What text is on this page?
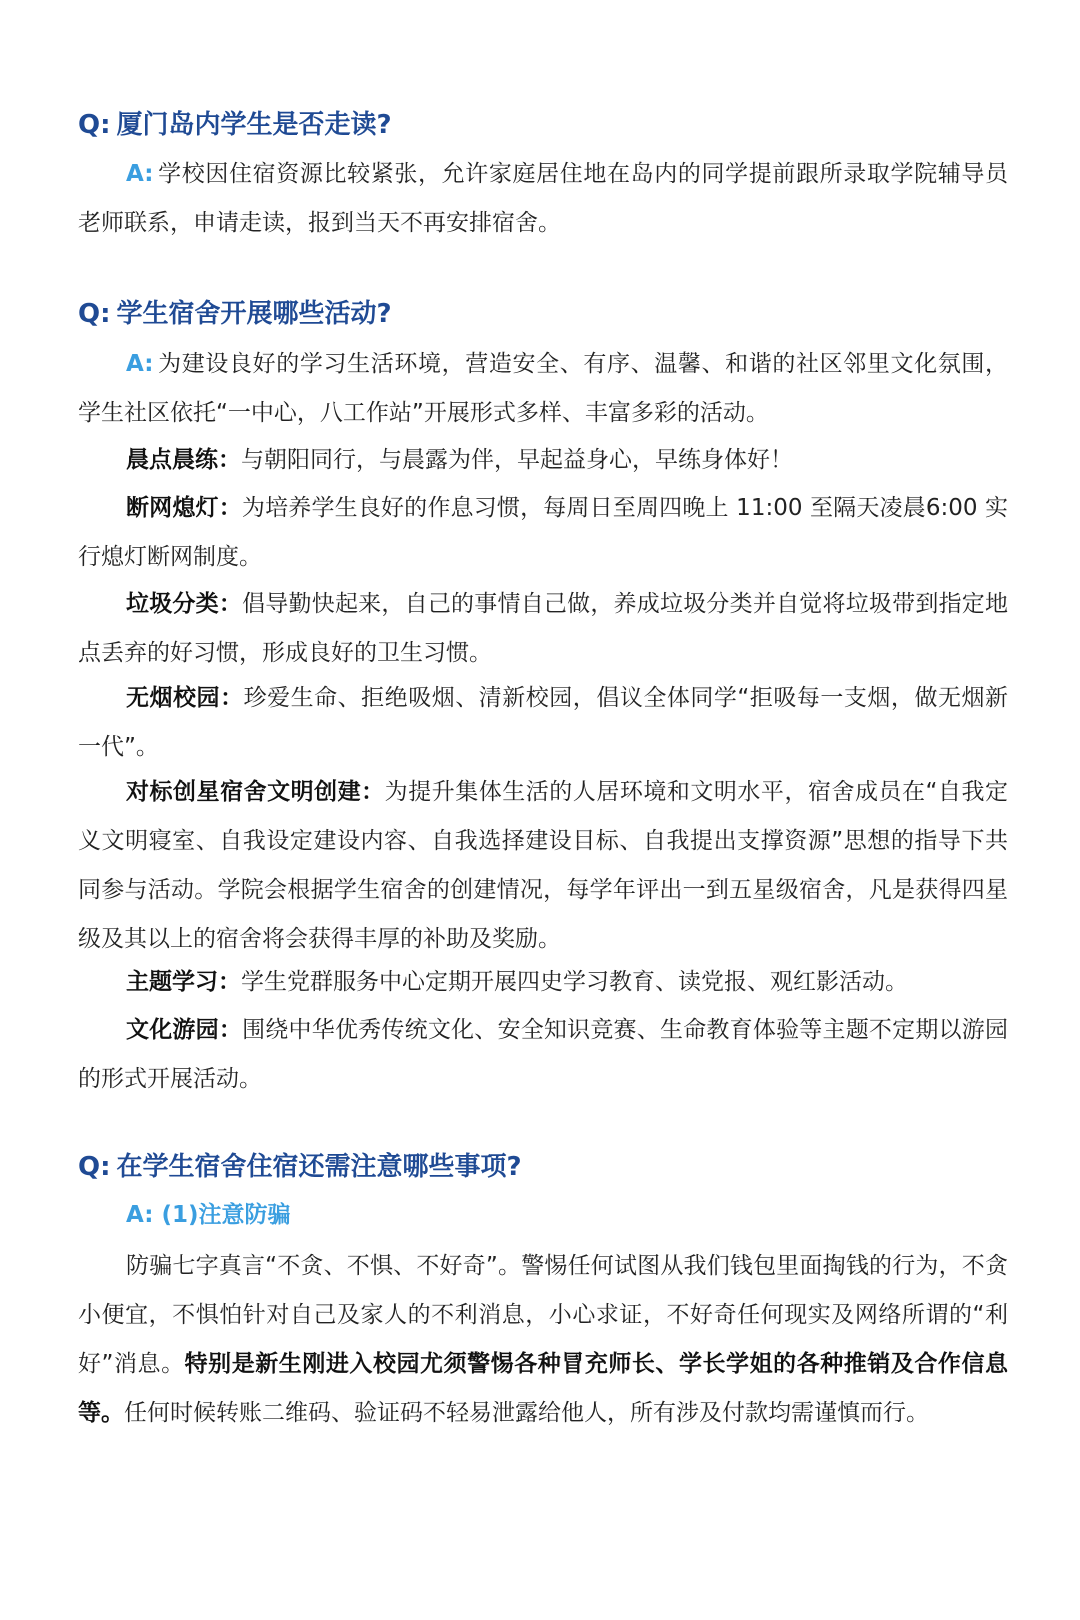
Q: 厦门岛内学生是否走读?

A: 学校因住宿资源比较紧张，允许家庭居住地在岛内的同学提前跟所录取学院辅导员老师联系，申请走读，报到当天不再安排宿舍。

Q: 学生宿舍开展哪些活动?

A: 为建设良好的学习生活环境，营造安全、有序、温馨、和谐的社区邻里文化氛围，学生社区依托“一中心，八工作站”开展形式多样、丰富多彩的活动。

晨点晨练：与朝阳同行，与晨露为伴，早起益身心，早练身体好！

断网熄灯：为培养学生良好的作息习惯，每周日至周四晚上 11:00 至隔天凌晨6:00 实行熄灯断网制度。

垃圾分类：倡导勤快起来，自己的事情自己做，养成垃圾分类并自觉将垃圾带到指定地点丢弃的好习惯，形成良好的卫生习惯。

无烟校园：珍爱生命、拒绝吸烟、清新校园，倡议全体同学“拒吸每一支烟，做无烟新一代”。

对标创星宿舍文明创建：为提升集体生活的人居环境和文明水平，宿舍成员在“自我定义文明寝室、自我设定建设内容、自我选择建设目标、自我提出支撑资源”思想的指导下共同参与活动。学院会根据学生宿舍的创建情况，每学年评出一到五星级宿舍，凡是获得四星级及其以上的宿舍将会获得丰厚的补助及奖励。

主题学习：学生党群服务中心定期开展四史学习教育、读党报、观红影活动。

文化游园：围绕中华优秀传统文化、安全知识竞赛、生命教育体验等主题不定期以游园的形式开展活动。

Q: 在学生宿舍住宿还需注意哪些事项?
A: (1)注意防骗

防骗七字真言“不贪、不惧、不好奇”。警惕任何试图从我们钱包里面掏钱的行为，不贪小便宜，不惧怕针对自己及家人的不利消息，小心求证，不好奇任何现实及网络所谓的“利好”消息。特别是新生刚进入校园尤须警惕各种冒充师长、学长学姐的各种推销及合作信息等。任何时候转账二维码、验证码不轻易泄露给他人，所有涉及付款均需谨慎而行。
